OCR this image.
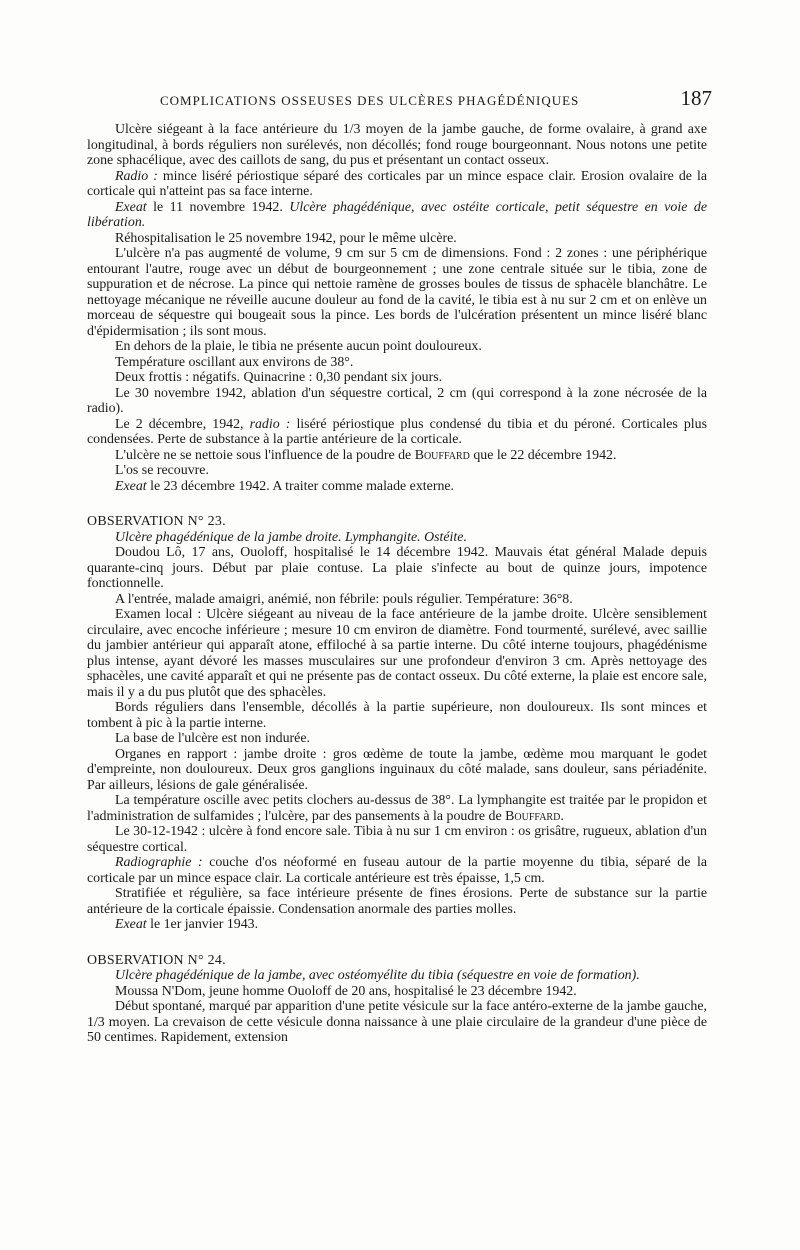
COMPLICATIONS OSSEUSES DES ULCÈRES PHAGÉDÉNIQUES	187

Ulcère siégeant à la face antérieure du 1/3 moyen de la jambe gauche, de forme ovalaire, à grand axe longitudinal, à bords réguliers non surélevés, non décollés; fond rouge bourgeonnant. Nous notons une petite zone sphacélique, avec des caillots de sang, du pus et présentant un contact osseux.

Radio : mince liséré périostique séparé des corticales par un mince espace clair. Erosion ovalaire de la corticale qui n'atteint pas sa face interne.

Exeat le 11 novembre 1942. Ulcère phagédénique, avec ostéite corticale, petit séquestre en voie de libération.

Réhospitalisation le 25 novembre 1942, pour le même ulcère.

L'ulcère n'a pas augmenté de volume, 9 cm sur 5 cm de dimensions. Fond : 2 zones : une périphérique entourant l'autre, rouge avec un début de bourgeonnement ; une zone centrale située sur le tibia, zone de suppuration et de nécrose. La pince qui nettoie ramène de grosses boules de tissus de sphacèle blanchâtre. Le nettoyage mécanique ne réveille aucune douleur au fond de la cavité, le tibia est à nu sur 2 cm et on enlève un morceau de séquestre qui bougeait sous la pince. Les bords de l'ulcération présentent un mince liséré blanc d'épidermisation ; ils sont mous.

En dehors de la plaie, le tibia ne présente aucun point douloureux.

Température oscillant aux environs de 38°.

Deux frottis : négatifs. Quinacrine : 0,30 pendant six jours.

Le 30 novembre 1942, ablation d'un séquestre cortical, 2 cm (qui correspond à la zone nécrosée de la radio).

Le 2 décembre, 1942, radio : liséré périostique plus condensé du tibia et du péroné. Corticales plus condensées. Perte de substance à la partie antérieure de la corticale.

L'ulcère ne se nettoie sous l'influence de la poudre de Bouffard que le 22 décembre 1942.

L'os se recouvre.

Exeat le 23 décembre 1942. A traiter comme malade externe.

OBSERVATION N° 23.

Ulcère phagédénique de la jambe droite. Lymphangite. Ostéite.

Doudou Lô, 17 ans, Ouoloff, hospitalisé le 14 décembre 1942. Mauvais état général Malade depuis quarante-cinq jours. Début par plaie contuse. La plaie s'infecte au bout de quinze jours, impotence fonctionnelle.

A l'entrée, malade amaigri, anémié, non fébrile: pouls régulier. Température: 36°8.

Examen local : Ulcère siégeant au niveau de la face antérieure de la jambe droite. Ulcère sensiblement circulaire, avec encoche inférieure ; mesure 10 cm environ de diamètre. Fond tourmenté, surélevé, avec saillie du jambier antérieur qui apparaît atone, effiloché à sa partie interne. Du côté interne toujours, phagédénisme plus intense, ayant dévoré les masses musculaires sur une profondeur d'environ 3 cm. Après nettoyage des sphacèles, une cavité apparaît et qui ne présente pas de contact osseux. Du côté externe, la plaie est encore sale, mais il y a du pus plutôt que des sphacèles.

Bords réguliers dans l'ensemble, décollés à la partie supérieure, non douloureux. Ils sont minces et tombent à pic à la partie interne.

La base de l'ulcère est non indurée.

Organes en rapport : jambe droite : gros œdème de toute la jambe, œdème mou marquant le godet d'empreinte, non douloureux. Deux gros ganglions inguinaux du côté malade, sans douleur, sans périadénite. Par ailleurs, lésions de gale généralisée.

La température oscille avec petits clochers au-dessus de 38°. La lymphangite est traitée par le propidon et l'administration de sulfamides ; l'ulcère, par des pansements à la poudre de Bouffard.

Le 30-12-1942 : ulcère à fond encore sale. Tibia à nu sur 1 cm environ : os grisâtre, rugueux, ablation d'un séquestre cortical.

Radiographie : couche d'os néoformé en fuseau autour de la partie moyenne du tibia, séparé de la corticale par un mince espace clair. La corticale antérieure est très épaisse, 1,5 cm.

Stratifiée et régulière, sa face intérieure présente de fines érosions. Perte de substance sur la partie antérieure de la corticale épaissie. Condensation anormale des parties molles.

Exeat le 1er janvier 1943.

OBSERVATION N° 24.

Ulcère phagédénique de la jambe, avec ostéomyélite du tibia (séquestre en voie de formation).

Moussa N'Dom, jeune homme Ouoloff de 20 ans, hospitalisé le 23 décembre 1942.

Début spontané, marqué par apparition d'une petite vésicule sur la face antéro-externe de la jambe gauche, 1/3 moyen. La crevaison de cette vésicule donna naissance à une plaie circulaire de la grandeur d'une pièce de 50 centimes. Rapidement, extension
